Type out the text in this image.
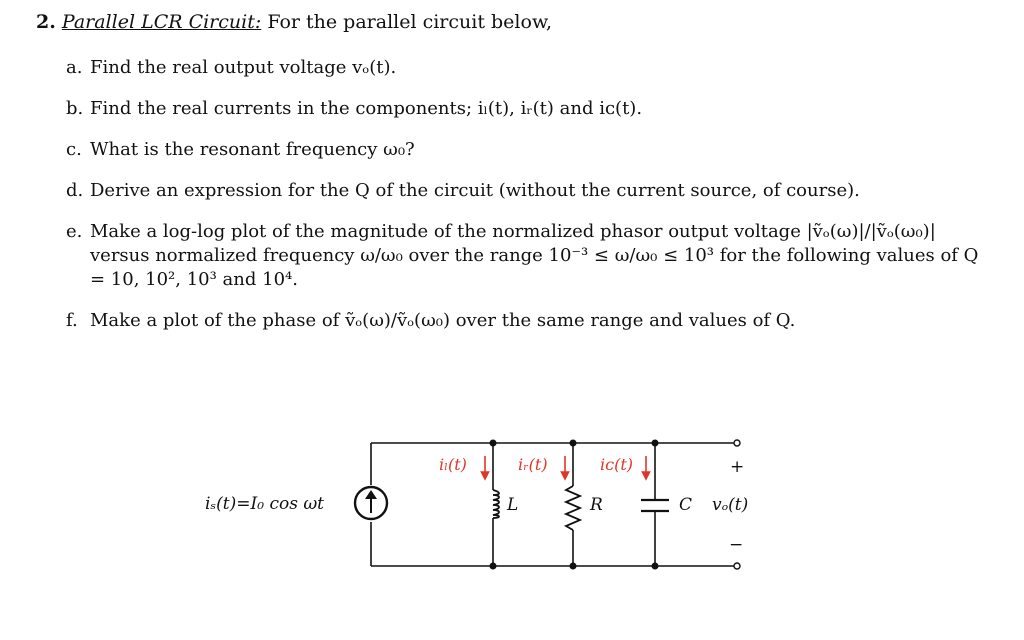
2. Parallel LCR Circuit: For the parallel circuit below,
a. Find the real output voltage vₒ(t).
b. Find the real currents in the components; iₗ(t), iᵣ(t) and iᴄ(t).
c. What is the resonant frequency ω₀?
d. Derive an expression for the Q of the circuit (without the current source, of course).
e. Make a log-log plot of the magnitude of the normalized phasor output voltage |ṽₒ(ω)|/|ṽₒ(ω₀)| versus normalized frequency ω/ω₀ over the range 10⁻³ ≤ ω/ω₀ ≤ 10³ for the following values of Q = 10, 10², 10³ and 10⁴.
f. Make a plot of the phase of ṽₒ(ω)/ṽₒ(ω₀) over the same range and values of Q.
iₗ(t)	iᵣ(t)	iᴄ(t)
iₛ(t)=I₀ cos ωt	L	R	C
+
vₒ(t)
−
